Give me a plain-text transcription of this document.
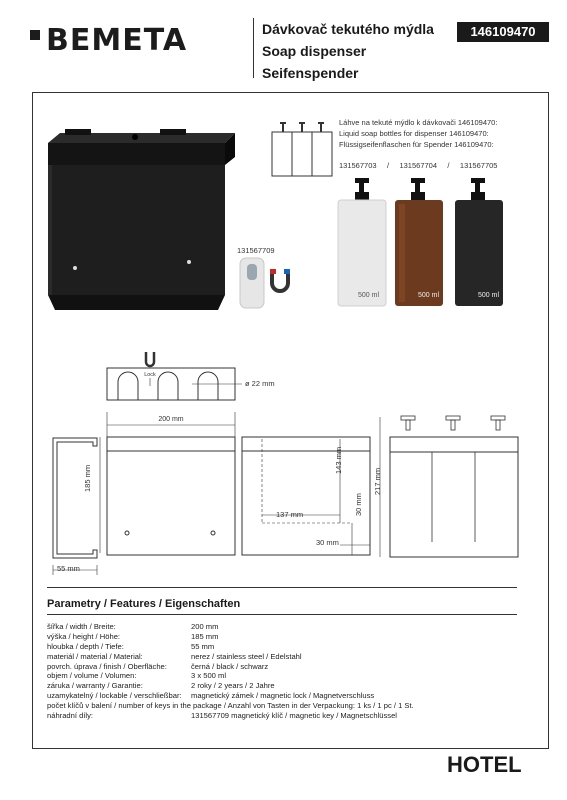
BEMETA	Dávkovač tekutého mýdla
Soap dispenser
Seifenspender
146109470
131567709
Láhve na tekuté mýdlo k dávkovači 146109470:
Liquid soap bottles for dispenser 146109470:
Flüssigseifenflaschen für Spender 146109470:
131567703     /     131567704     /     131567705
500 ml	500 ml	500 ml
Lock
ø 22 mm
200 mm
55 mm
185 mm
143 mm
137 mm	30 mm
30 mm
217 mm
Parametry / Features / Eigenschaften
šířka / width / Breite:	200 mm
výška / height / Höhe:	185 mm
hloubka / depth / Tiefe:	55 mm
materiál / material / Material:	nerez / stainless steel / Edelstahl
povrch. úprava / finish / Oberfläche:	černá / black / schwarz
objem / volume / Volumen:	3 x 500 ml
záruka / warranty / Garantie:	2 roky / 2 years / 2 Jahre
uzamykatelný / lockable / verschließbar: magnetický zámek / magnetic lock / Magnetverschluss
počet klíčů v balení / number of keys in the package / Anzahl von Tasten in der Verpackung: 1 ks / 1 pc / 1 St.
náhradní díly:	131567709 magnetický klíč / magnetic key / Magnetschlüssel
HOTEL
